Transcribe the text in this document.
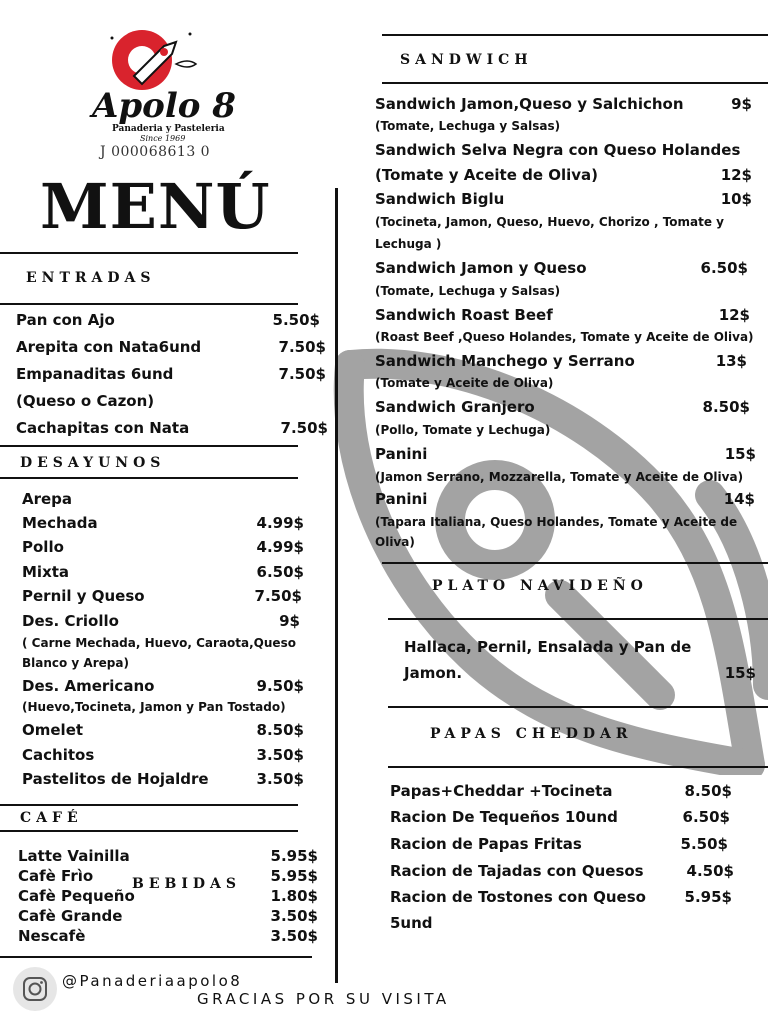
Apolo 8
Panaderia y Pasteleria
Since 1969
J 000068613 0
MENÚ
ENTRADAS
Pan con Ajo	5.50$
Arepita con Nata6und	7.50$
Empanaditas 6und	7.50$
(Queso o Cazon)
Cachapitas con Nata	7.50$
DESAYUNOS
Arepa
Mechada	4.99$
Pollo	4.99$
Mixta	6.50$
Pernil y Queso	7.50$
Des. Criollo	9$
( Carne Mechada, Huevo, Caraota,Queso
Blanco y Arepa)
Des. Americano	9.50$
(Huevo,Tocineta, Jamon y Pan Tostado)
Omelet	8.50$
Cachitos	3.50$
Pastelitos de Hojaldre	3.50$
CAFÉ
Latte Vainilla	5.95$
Cafè Frìo	5.95$
BEBIDAS
Cafè Pequeño	1.80$
Cafè Grande	3.50$
Nescafè	3.50$
SANDWICH
Sandwich Jamon,Queso y Salchichon	9$
(Tomate, Lechuga y Salsas)
Sandwich Selva Negra con Queso Holandes
(Tomate y Aceite de Oliva)	12$
Sandwich Biglu	10$
(Tocineta, Jamon, Queso, Huevo, Chorizo , Tomate y
Lechuga )
Sandwich Jamon y Queso	6.50$
(Tomate, Lechuga y Salsas)
Sandwich Roast Beef	12$
(Roast Beef ,Queso Holandes, Tomate y Aceite de Oliva)
Sandwich Manchego y Serrano	13$
(Tomate y Aceite de Oliva)
Sandwich Granjero	8.50$
(Pollo, Tomate y Lechuga)
Panini	15$
(Jamon Serrano, Mozzarella, Tomate y Aceite de Oliva)
Panini	14$
(Tapara Italiana, Queso Holandes, Tomate y Aceite de
Oliva)
PLATO NAVIDEÑO
Hallaca, Pernil, Ensalada y Pan de
Jamon.	15$
PAPAS CHEDDAR
Papas+Cheddar +Tocineta	8.50$
Racion De Tequeños 10und	6.50$
Racion de Papas Fritas	5.50$
Racion de Tajadas con Quesos	4.50$
Racion de Tostones con Queso	5.95$
5und
@Panaderiaapolo8
GRACIAS POR SU VISITA
